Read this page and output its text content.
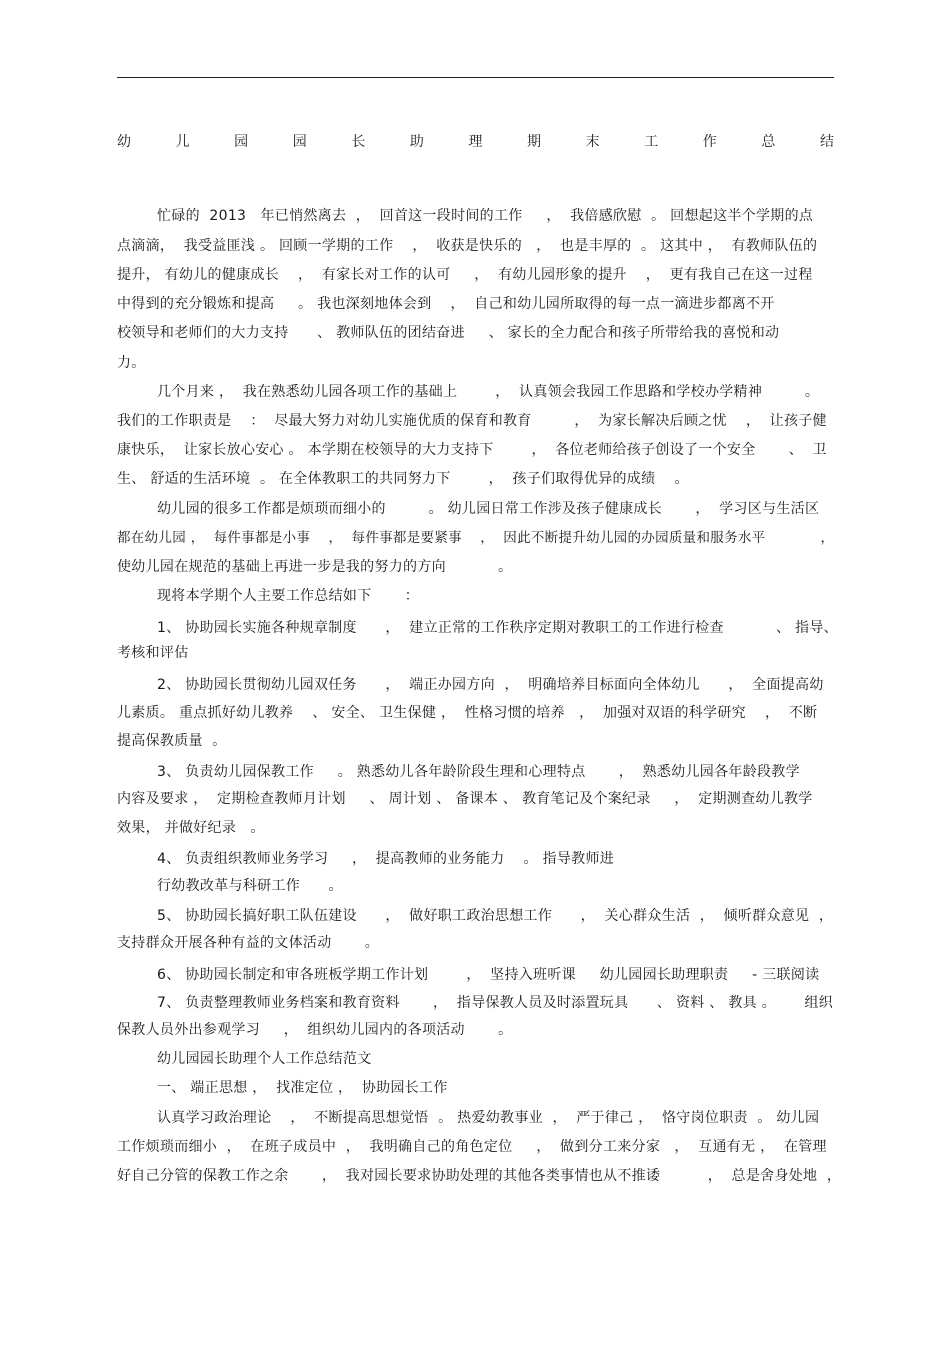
幼	儿	园	园	长	助	理	期	末	工	作	总	结
忙碌的  2013   年已悄然离去  ，  回首这一段时间的工作     ，  我倍感欣慰  。 回想起这半个学期的点
点滴滴，  我受益匪浅 。 回顾一学期的工作    ，  收获是快乐的   ，  也是丰厚的  。 这其中 ，  有教师队伍的
提升， 有幼儿的健康成长    ，  有家长对工作的认可     ，  有幼儿园形象的提升    ，  更有我自己在这一过程
中得到的充分锻炼和提高     。 我也深刻地体会到    ，  自己和幼儿园所取得的每一点一滴进步都离不开
校领导和老师们的大力支持      、 教师队伍的团结奋进     、 家长的全力配合和孩子所带给我的喜悦和动
力。
几个月来 ，  我在熟悉幼儿园各项工作的基础上        ，  认真领会我园工作思路和学校办学精神         。
我们的工作职责是    ：  尽最大努力对幼儿实施优质的保育和教育         ，  为家长解决后顾之忧    ，  让孩子健
康快乐，  让家长放心安心 。 本学期在校领导的大力支持下        ，  各位老师给孩子创设了一个安全       、  卫
生、 舒适的生活环境  。 在全体教职工的共同努力下        ，  孩子们取得优异的成绩    。
幼儿园的很多工作都是烦琐而细小的         。 幼儿园日常工作涉及孩子健康成长       ，  学习区与生活区
都在幼儿园 ，  每件事都是小事    ，  每件事都是要紧事    ，  因此不断提升幼儿园的办园质量和服务水平            ，
使幼儿园在规范的基础上再进一步是我的努力的方向           。
现将本学期个人主要工作总结如下       ：
1、 协助园长实施各种规章制度      ，  建立正常的工作秩序定期对教职工的工作进行检查           、 指导、
考核和评估
2、 协助园长贯彻幼儿园双任务      ，  端正办园方向  ，  明确培养目标面向全体幼儿      ，  全面提高幼
儿素质。 重点抓好幼儿教养    、 安全、 卫生保健 ，  性格习惯的培养   ，  加强对双语的科学研究    ，  不断
提高保教质量  。
3、 负责幼儿园保教工作     。 熟悉幼儿各年龄阶段生理和心理特点       ，  熟悉幼儿园各年龄段教学
内容及要求 ，  定期检查教师月计划     、 周计划 、 备课本 、 教育笔记及个案纪录     ，  定期测查幼儿教学
效果， 并做好纪录   。
4、 负责组织教师业务学习     ，  提高教师的业务能力    。 指导教师进
行幼教改革与科研工作      。
5、 协助园长搞好职工队伍建设      ，  做好职工政治思想工作      ，  关心群众生活  ，  倾听群众意见  ，
支持群众开展各种有益的文体活动       。
6、 协助园长制定和审各班板学期工作计划        ，  坚持入班听课     幼儿园园长助理职责     - 三联阅读
7、 负责整理教师业务档案和教育资料       ，  指导保教人员及时添置玩具      、 资料 、 教具 。      组织
保教人员外出参观学习     ，  组织幼儿园内的各项活动       。
幼儿园园长助理个人工作总结范文
一、 端正思想 ，  找准定位 ，  协助园长工作
认真学习政治理论    ，  不断提高思想觉悟  。 热爱幼教事业  ，  严于律己 ，  恪守岗位职责  。 幼儿园
工作烦琐而细小  ，  在班子成员中  ，  我明确自己的角色定位     ，  做到分工来分家   ，  互通有无 ，  在管理
好自己分管的保教工作之余       ，  我对园长要求协助处理的其他各类事情也从不推诿          ，  总是舍身处地  ，
